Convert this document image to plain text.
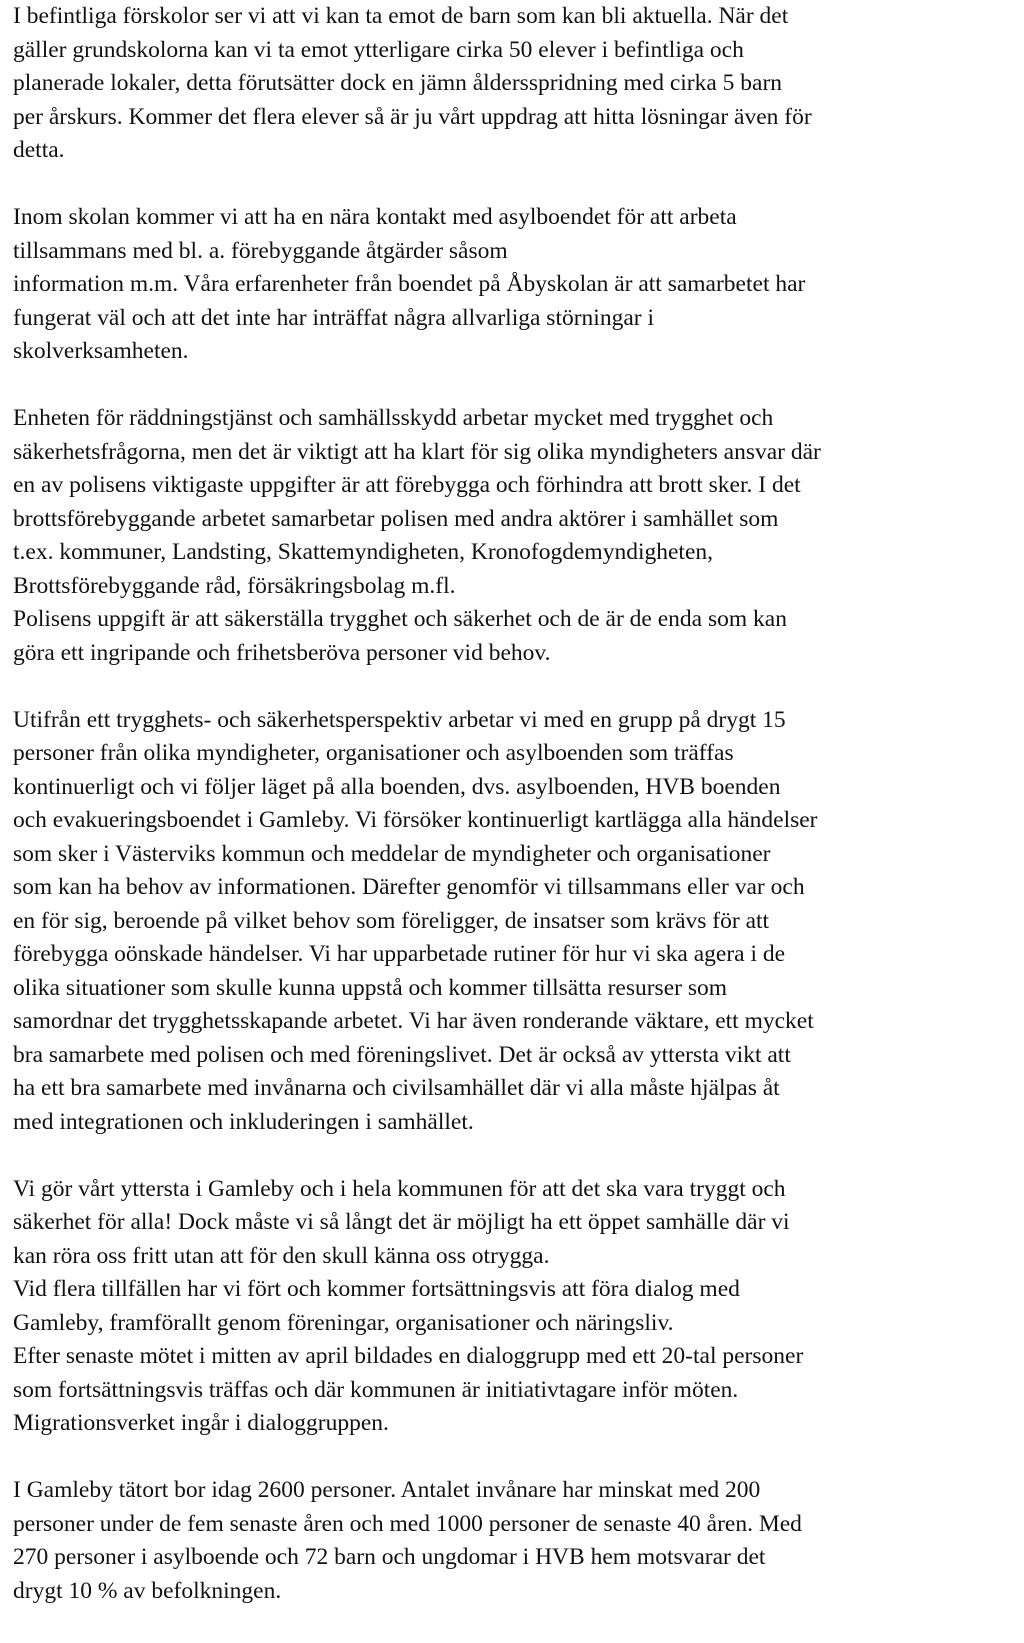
I befintliga förskolor ser vi att vi kan ta emot de barn som kan bli aktuella. När det
gäller grundskolorna kan vi ta emot ytterligare cirka 50 elever i befintliga och
planerade lokaler, detta förutsätter dock en jämn åldersspridning med cirka 5 barn
per årskurs. Kommer det flera elever så är ju vårt uppdrag att hitta lösningar även för
detta.
Inom skolan kommer vi att ha en nära kontakt med asylboendet för att arbeta
tillsammans med bl. a. förebyggande åtgärder såsom
information m.m. Våra erfarenheter från boendet på Åbyskolan är att samarbetet har
fungerat väl och att det inte har inträffat några allvarliga störningar i
skolverksamheten.
Enheten för räddningstjänst och samhällsskydd arbetar mycket med trygghet och
säkerhetsfrågorna, men det är viktigt att ha klart för sig olika myndigheters ansvar där
en av polisens viktigaste uppgifter är att förebygga och förhindra att brott sker. I det
brottsförebyggande arbetet samarbetar polisen med andra aktörer i samhället som
t.ex. kommuner, Landsting, Skattemyndigheten, Kronofogdemyndigheten,
Brottsförebyggande råd, försäkringsbolag m.fl.
Polisens uppgift är att säkerställa trygghet och säkerhet och de är de enda som kan
göra ett ingripande och frihetsberöva personer vid behov.
Utifrån ett trygghets- och säkerhetsperspektiv arbetar vi med en grupp på drygt 15
personer från olika myndigheter, organisationer och asylboenden som träffas
kontinuerligt och vi följer läget på alla boenden, dvs. asylboenden, HVB boenden
och evakueringsboendet i Gamleby. Vi försöker kontinuerligt kartlägga alla händelser
som sker i Västerviks kommun och meddelar de myndigheter och organisationer
som kan ha behov av informationen. Därefter genomför vi tillsammans eller var och
en för sig, beroende på vilket behov som föreligger, de insatser som krävs för att
förebygga oönskade händelser. Vi har upparbetade rutiner för hur vi ska agera i de
olika situationer som skulle kunna uppstå och kommer tillsätta resurser som
samordnar det trygghetsskapande arbetet. Vi har även ronderande väktare, ett mycket
bra samarbete med polisen och med föreningslivet. Det är också av yttersta vikt att
ha ett bra samarbete med invånarna och civilsamhället där vi alla måste hjälpas åt
med integrationen och inkluderingen i samhället.
Vi gör vårt yttersta i Gamleby och i hela kommunen för att det ska vara tryggt och
säkerhet för alla! Dock måste vi så långt det är möjligt ha ett öppet samhälle där vi
kan röra oss fritt utan att för den skull känna oss otrygga.
Vid flera tillfällen har vi fört och kommer fortsättningsvis att föra dialog med
Gamleby, framförallt genom föreningar, organisationer och näringsliv.
Efter senaste mötet i mitten av april bildades en dialoggrupp med ett 20-tal personer
som fortsättningsvis träffas och där kommunen är initiativtagare inför möten.
Migrationsverket ingår i dialoggruppen.
I Gamleby tätort bor idag 2600 personer. Antalet invånare har minskat med 200
personer under de fem senaste åren och med 1000 personer de senaste 40 åren. Med
270 personer i asylboende och 72 barn och ungdomar i HVB hem motsvarar det
drygt 10 % av befolkningen.
